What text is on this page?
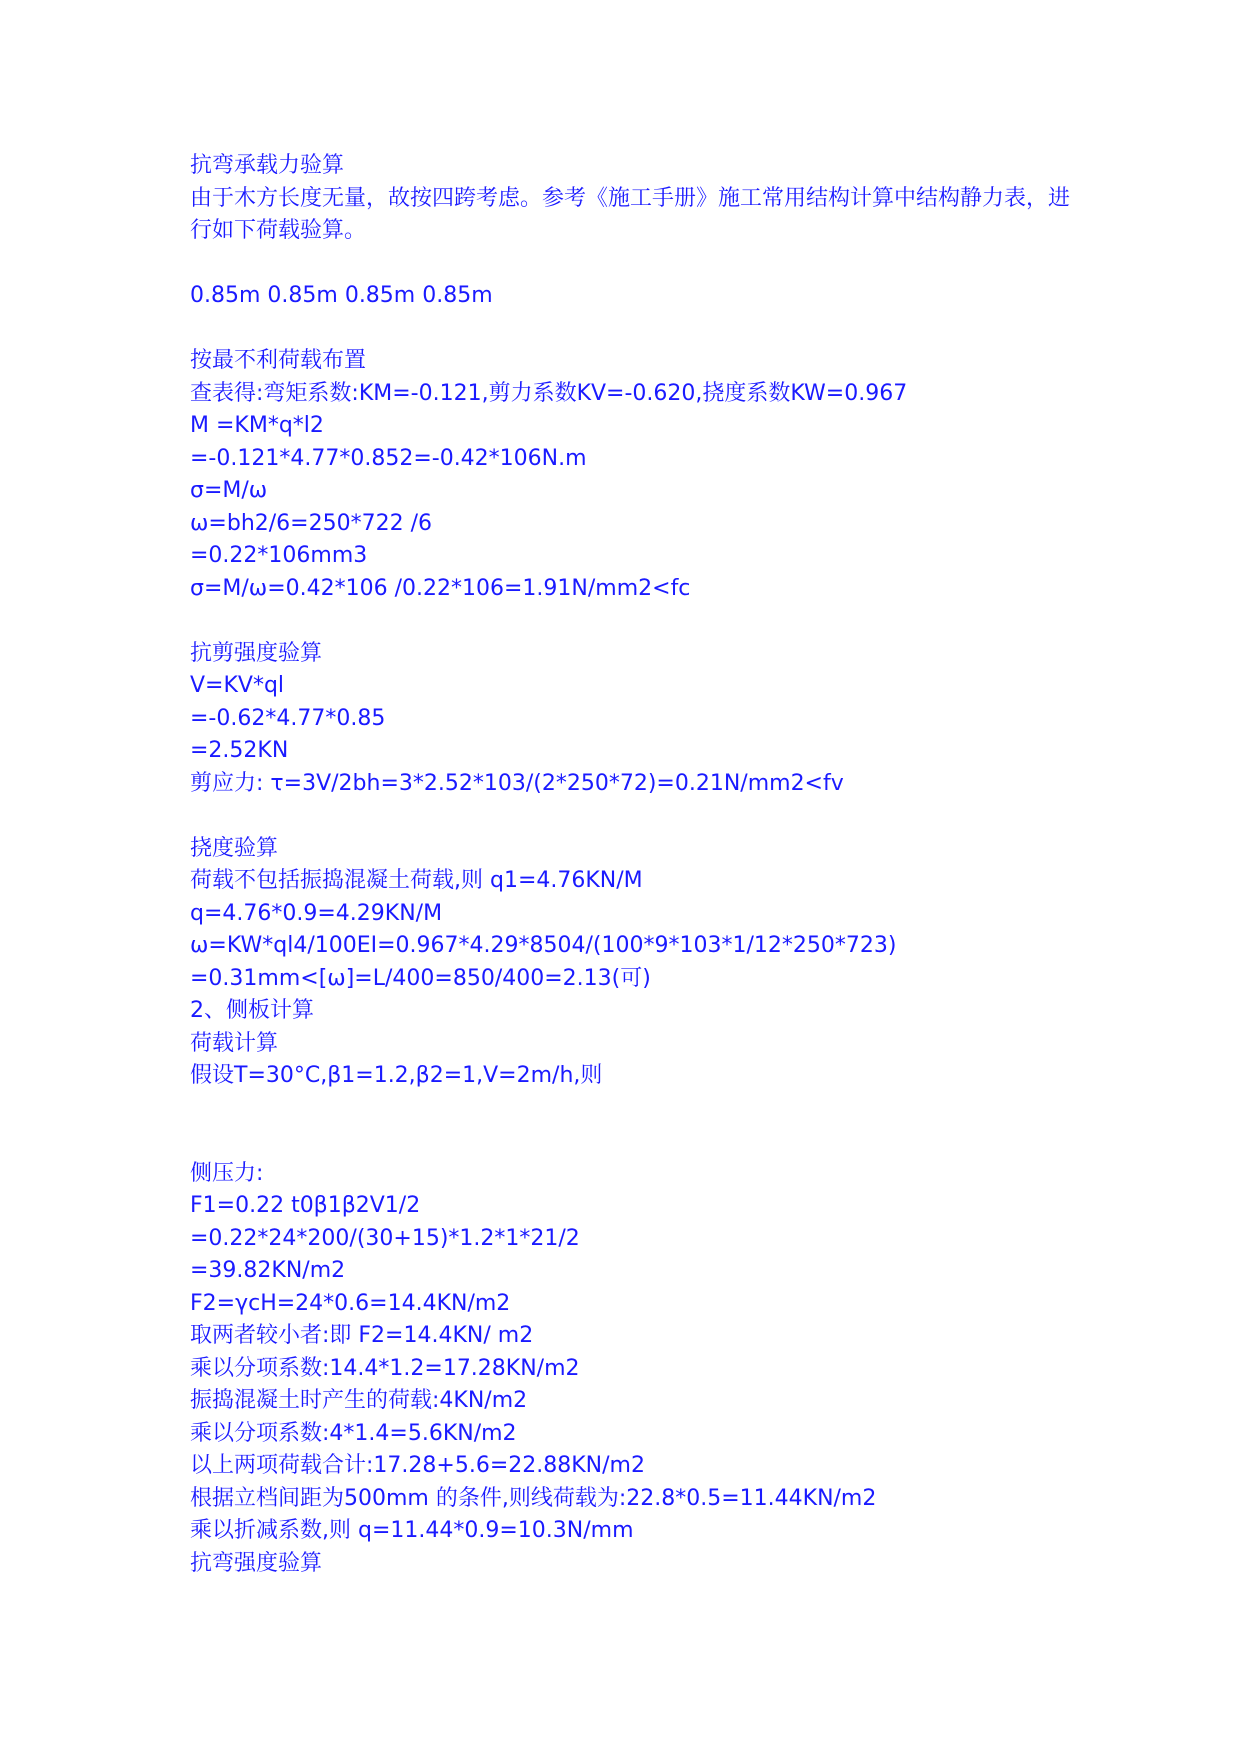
抗弯承载力验算
由于木方长度无量，故按四跨考虑。参考《施工手册》施工常用结构计算中结构静力表，进行如下荷载验算。
0.85m 0.85m 0.85m 0.85m
按最不利荷载布置
查表得:弯矩系数:KM=-0.121,剪力系数KV=-0.620,挠度系数KW=0.967
M =KM*q*l2
=-0.121*4.77*0.852=-0.42*106N.m
σ=M/ω
ω=bh2/6=250*722 /6
=0.22*106mm3
σ=M/ω=0.42*106 /0.22*106=1.91N/mm2<fc
抗剪强度验算
V=KV*ql
=-0.62*4.77*0.85
=2.52KN
剪应力: τ=3V/2bh=3*2.52*103/(2*250*72)=0.21N/mm2<fv
挠度验算
荷载不包括振捣混凝土荷载,则 q1=4.76KN/M
q=4.76*0.9=4.29KN/M
ω=KW*ql4/100EI=0.967*4.29*8504/(100*9*103*1/12*250*723)
=0.31mm<[ω]=L/400=850/400=2.13(可)
2、侧板计算
荷载计算
假设T=30°C,β1=1.2,β2=1,V=2m/h,则
侧压力:
F1=0.22 t0β1β2V1/2
=0.22*24*200/(30+15)*1.2*1*21/2
=39.82KN/m2
F2=γcH=24*0.6=14.4KN/m2
取两者较小者:即 F2=14.4KN/ m2
乘以分项系数:14.4*1.2=17.28KN/m2
振捣混凝土时产生的荷载:4KN/m2
乘以分项系数:4*1.4=5.6KN/m2
以上两项荷载合计:17.28+5.6=22.88KN/m2
根据立档间距为500mm 的条件,则线荷载为:22.8*0.5=11.44KN/m2
乘以折减系数,则 q=11.44*0.9=10.3N/mm
抗弯强度验算
